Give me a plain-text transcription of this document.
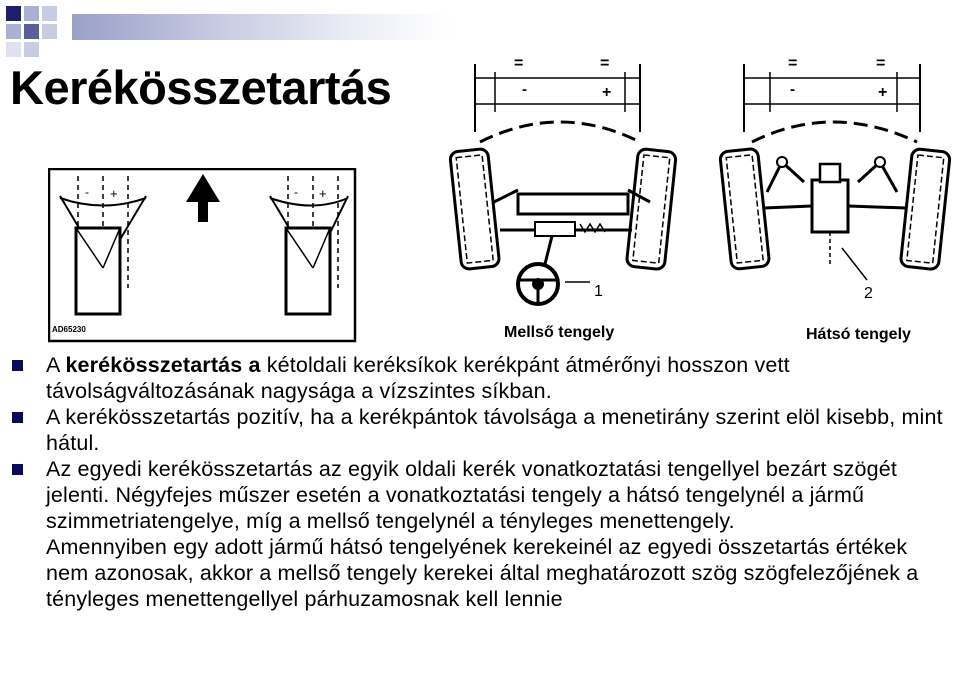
Kerékösszetartás
- +	- +
AD65230
=	=
-	+
1
Mellső tengely
=	=
-	+
2
Hátsó tengely
A kerékösszetartás a kétoldali keréksíkok kerékpánt átmérőnyi hosszon vett távolságváltozásának nagysága a vízszintes síkban.
A kerékösszetartás pozitív, ha a kerékpántok távolsága a menetirány szerint elöl kisebb, mint hátul.
Az egyedi kerékösszetartás az egyik oldali kerék vonatkoztatási tengellyel bezárt szögét jelenti. Négyfejes műszer esetén a vonatkoztatási tengely a hátsó tengelynél a jármű szimmetriatengelye, míg a mellső tengelynél a tényleges menettengely.
Amennyiben egy adott jármű hátsó tengelyének kerekeinél az egyedi összetartás értékek nem azonosak, akkor a mellső tengely kerekei által meghatározott szög szögfelezőjének a tényleges menettengellyel párhuzamosnak kell lennie
